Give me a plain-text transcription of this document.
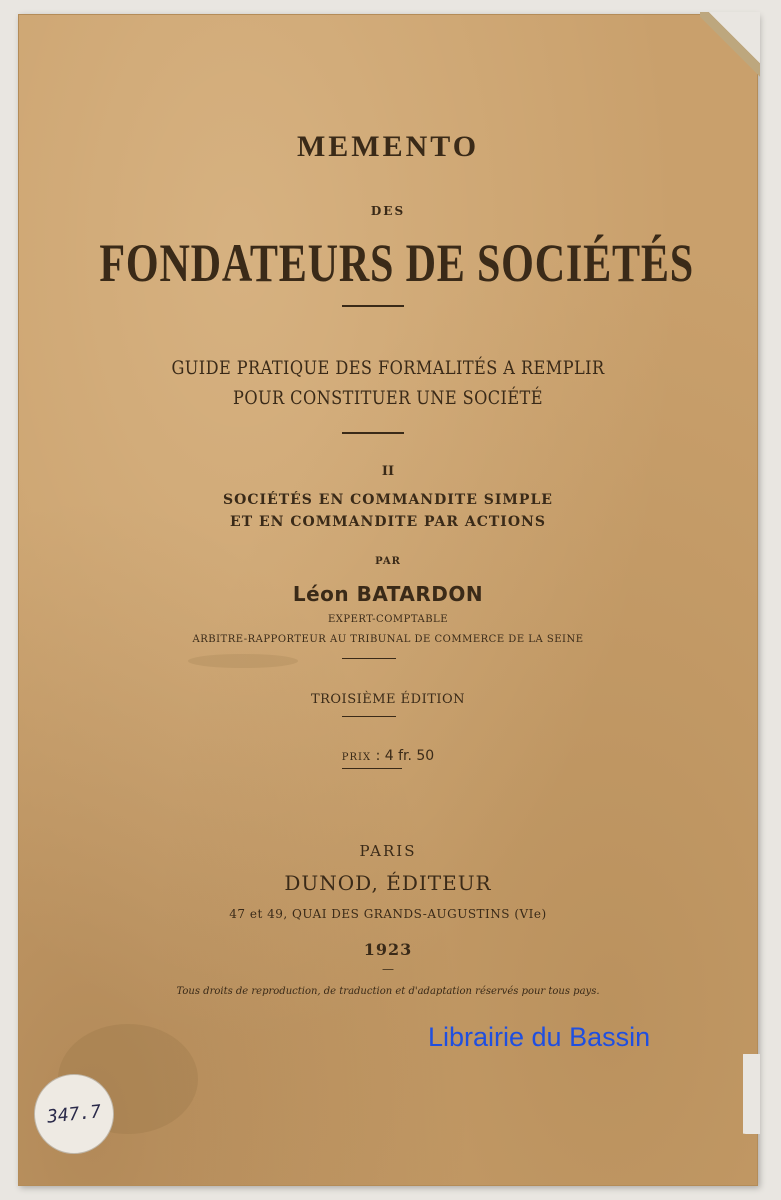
MEMENTO

DES

FONDATEURS DE SOCIÉTÉS

GUIDE PRATIQUE DES FORMALITÉS A REMPLIR

POUR CONSTITUER UNE SOCIÉTÉ

II

SOCIÉTÉS EN COMMANDITE SIMPLE

ET EN COMMANDITE PAR ACTIONS

PAR

Léon BATARDON

EXPERT-COMPTABLE

ARBITRE-RAPPORTEUR AU TRIBUNAL DE COMMERCE DE LA SEINE

TROISIÈME ÉDITION

PRIX : 4 fr. 50

PARIS

DUNOD, ÉDITEUR

47 et 49, QUAI DES GRANDS-AUGUSTINS (VIe)

1923

—

Tous droits de reproduction, de traduction et d'adaptation réservés pour tous pays.

Librairie du Bassin
347.7
